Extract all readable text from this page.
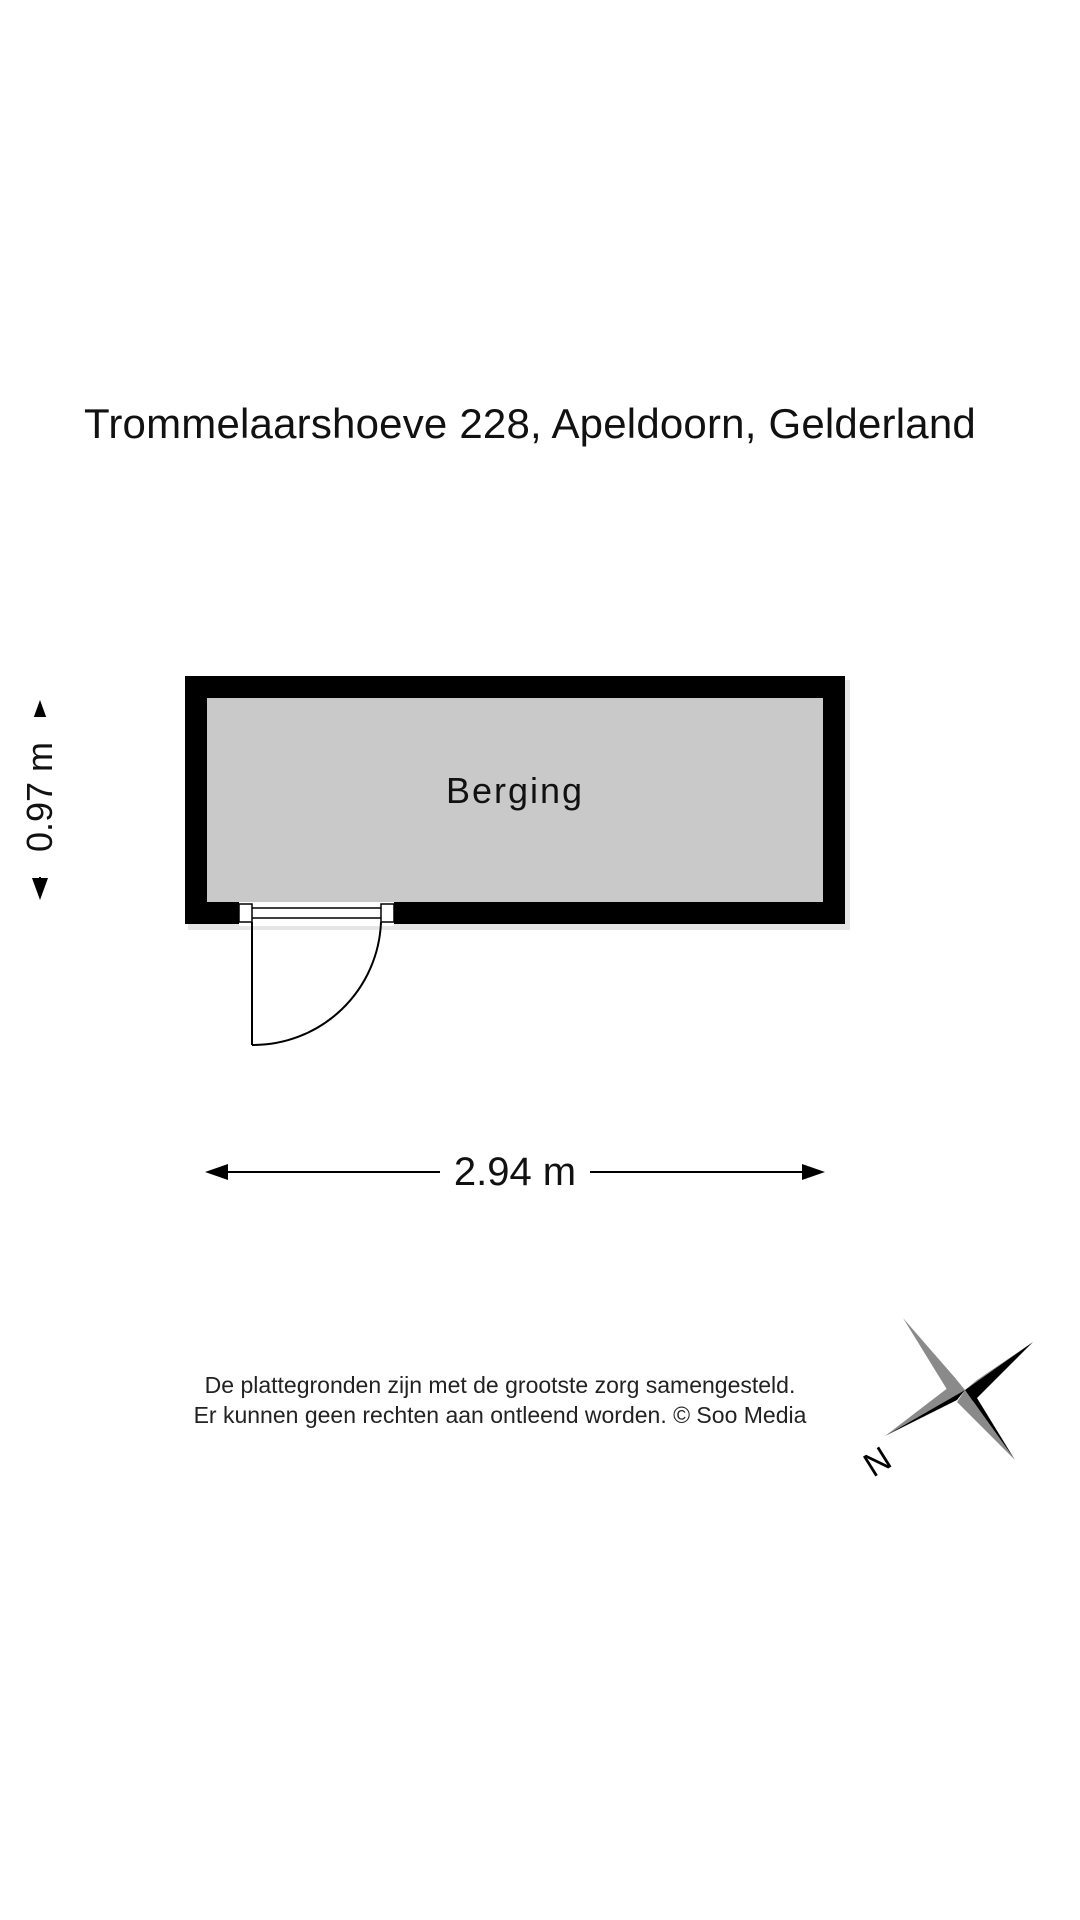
Trommelaarshoeve 228, Apeldoorn, Gelderland
N
Berging
2.94 m
0.97 m
De plattegronden zijn met de grootste zorg samengesteld.
Er kunnen geen rechten aan ontleend worden. © Soo Media
